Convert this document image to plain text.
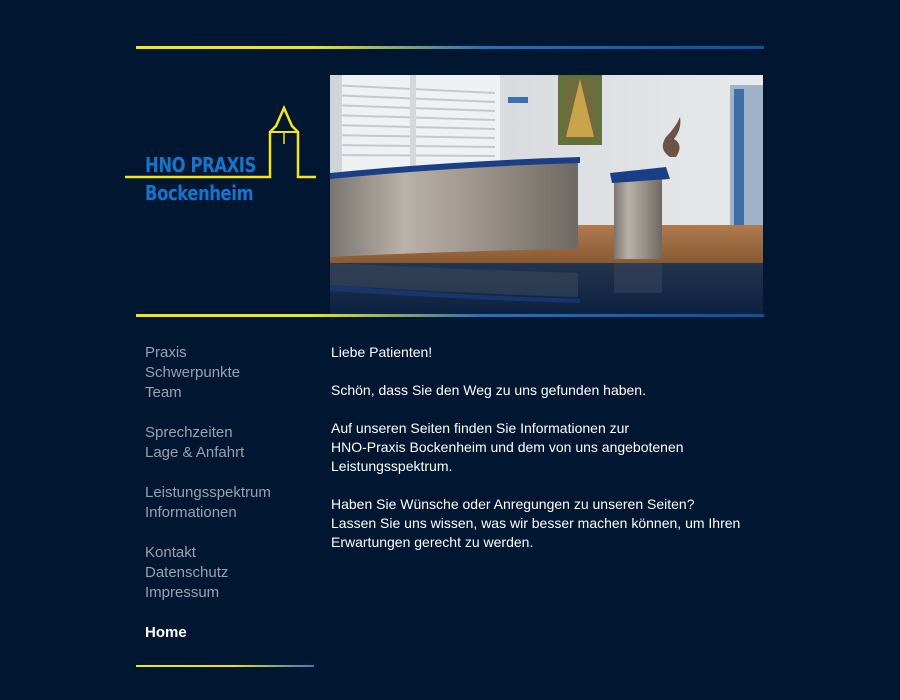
HNO PRAXIS
Bockenheim
Praxis
Schwerpunkte
Team
Sprechzeiten
Lage & Anfahrt
Leistungsspektrum
Informationen
Kontakt
Datenschutz
Impressum
Home

Liebe Patienten!

Schön, dass Sie den Weg zu uns gefunden haben.

Auf unseren Seiten finden Sie Informationen zur
HNO-Praxis Bockenheim und dem von uns angebotenen
Leistungsspektrum.

Haben Sie Wünsche oder Anregungen zu unseren Seiten?
Lassen Sie uns wissen, was wir besser machen können, um Ihren
Erwartungen gerecht zu werden.
